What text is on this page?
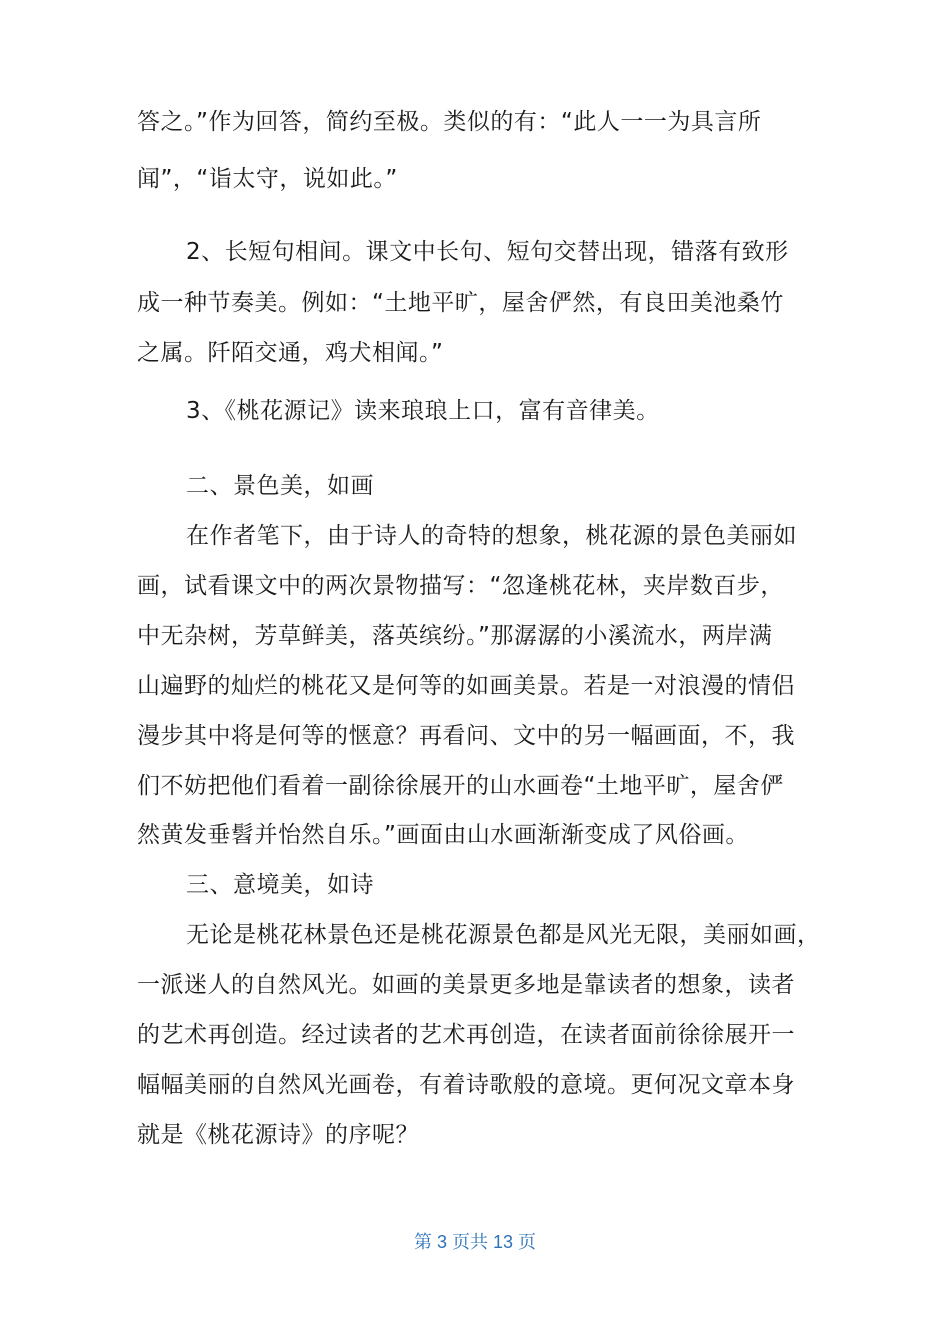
答之。”作为回答，简约至极。类似的有：“此人一一为具言所
闻”，“诣太守，说如此。”
2、长短句相间。课文中长句、短句交替出现，错落有致形
成一种节奏美。例如：“土地平旷，屋舍俨然，有良田美池桑竹
之属。阡陌交通，鸡犬相闻。”
3、《桃花源记》读来琅琅上口，富有音律美。
二、景色美，如画
在作者笔下，由于诗人的奇特的想象，桃花源的景色美丽如
画，试看课文中的两次景物描写：“忽逢桃花林，夹岸数百步，
中无杂树，芳草鲜美，落英缤纷。”那潺潺的小溪流水，两岸满
山遍野的灿烂的桃花又是何等的如画美景。若是一对浪漫的情侣
漫步其中将是何等的惬意？再看问、文中的另一幅画面，不，我
们不妨把他们看着一副徐徐展开的山水画卷“土地平旷，屋舍俨
然黄发垂髫并怡然自乐。”画面由山水画渐渐变成了风俗画。
三、意境美，如诗
无论是桃花林景色还是桃花源景色都是风光无限，美丽如画，
一派迷人的自然风光。如画的美景更多地是靠读者的想象，读者
的艺术再创造。经过读者的艺术再创造，在读者面前徐徐展开一
幅幅美丽的自然风光画卷，有着诗歌般的意境。更何况文章本身
就是《桃花源诗》的序呢？
第 3 页共 13 页
